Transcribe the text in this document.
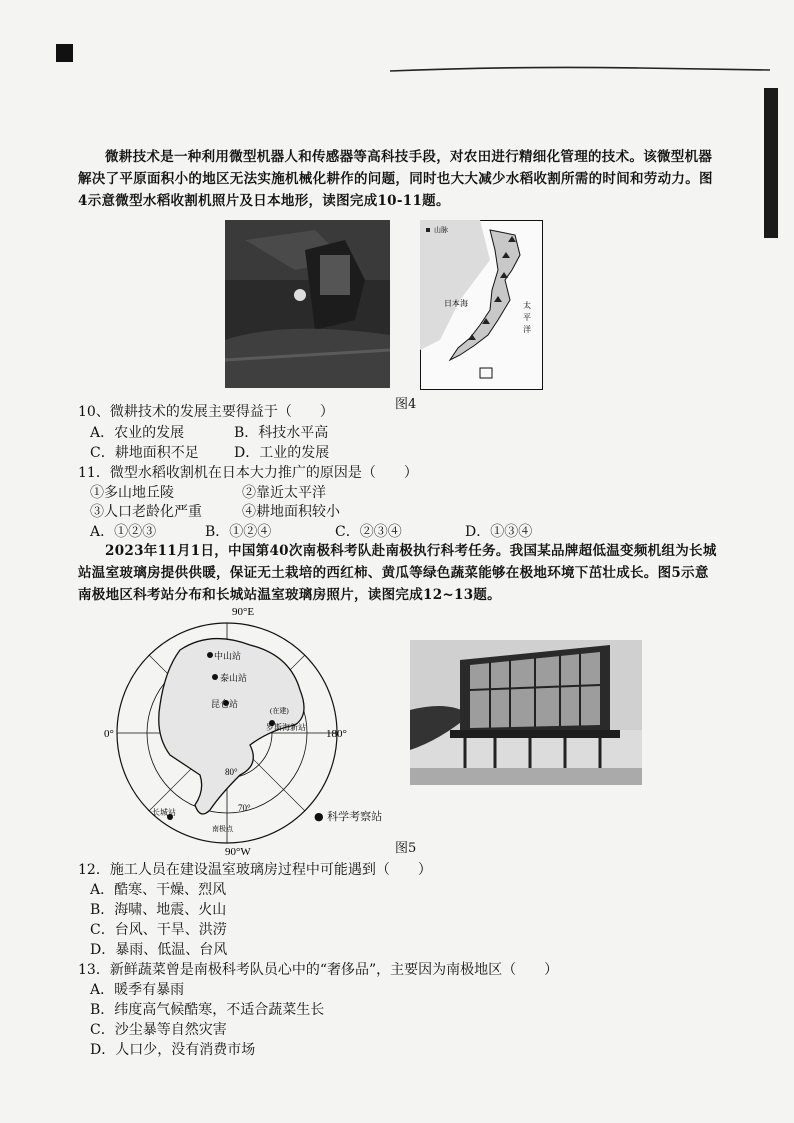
微耕技术是一种利用微型机器人和传感器等高科技手段，对农田进行精细化管理的技术。该微型机器解决了平原面积小的地区无法实施机械化耕作的问题，同时也大大减少水稻收割所需的时间和劳动力。图4示意微型水稻收割机照片及日本地形，读图完成10-11题。
山脉
日本海	太
平
洋
图4
10、微耕技术的发展主要得益于（　　）
A．农业的发展	B．科技水平高
C．耕地面积不足	D．工业的发展
11．微型水稻收割机在日本大力推广的原因是（　　）
①多山地丘陵	②靠近太平洋
③人口老龄化严重	④耕地面积较小
A．①②③	B．①②④	C．②③④	D．①③④
2023年11月1日，中国第40次南极科考队赴南极执行科考任务。我国某品牌超低温变频机组为长城站温室玻璃房提供供暖，保证无土栽培的西红柿、黄瓜等绿色蔬菜能够在极地环境下茁壮成长。图5示意南极地区科考站分布和长城站温室玻璃房照片，读图完成12~13题。
90°E
0°	180°
90°W
中山站
泰山站
昆仑站
(在建)
罗斯海新站
80°
70°
长城站
南极点
● 科学考察站
图5
12．施工人员在建设温室玻璃房过程中可能遇到（　　）
A．酷寒、干燥、烈风
B．海啸、地震、火山
C．台风、干旱、洪涝
D．暴雨、低温、台风
13．新鲜蔬菜曾是南极科考队员心中的“奢侈品”，主要因为南极地区（　　）
A．暖季有暴雨
B．纬度高气候酷寒，不适合蔬菜生长
C．沙尘暴等自然灾害
D．人口少，没有消费市场
